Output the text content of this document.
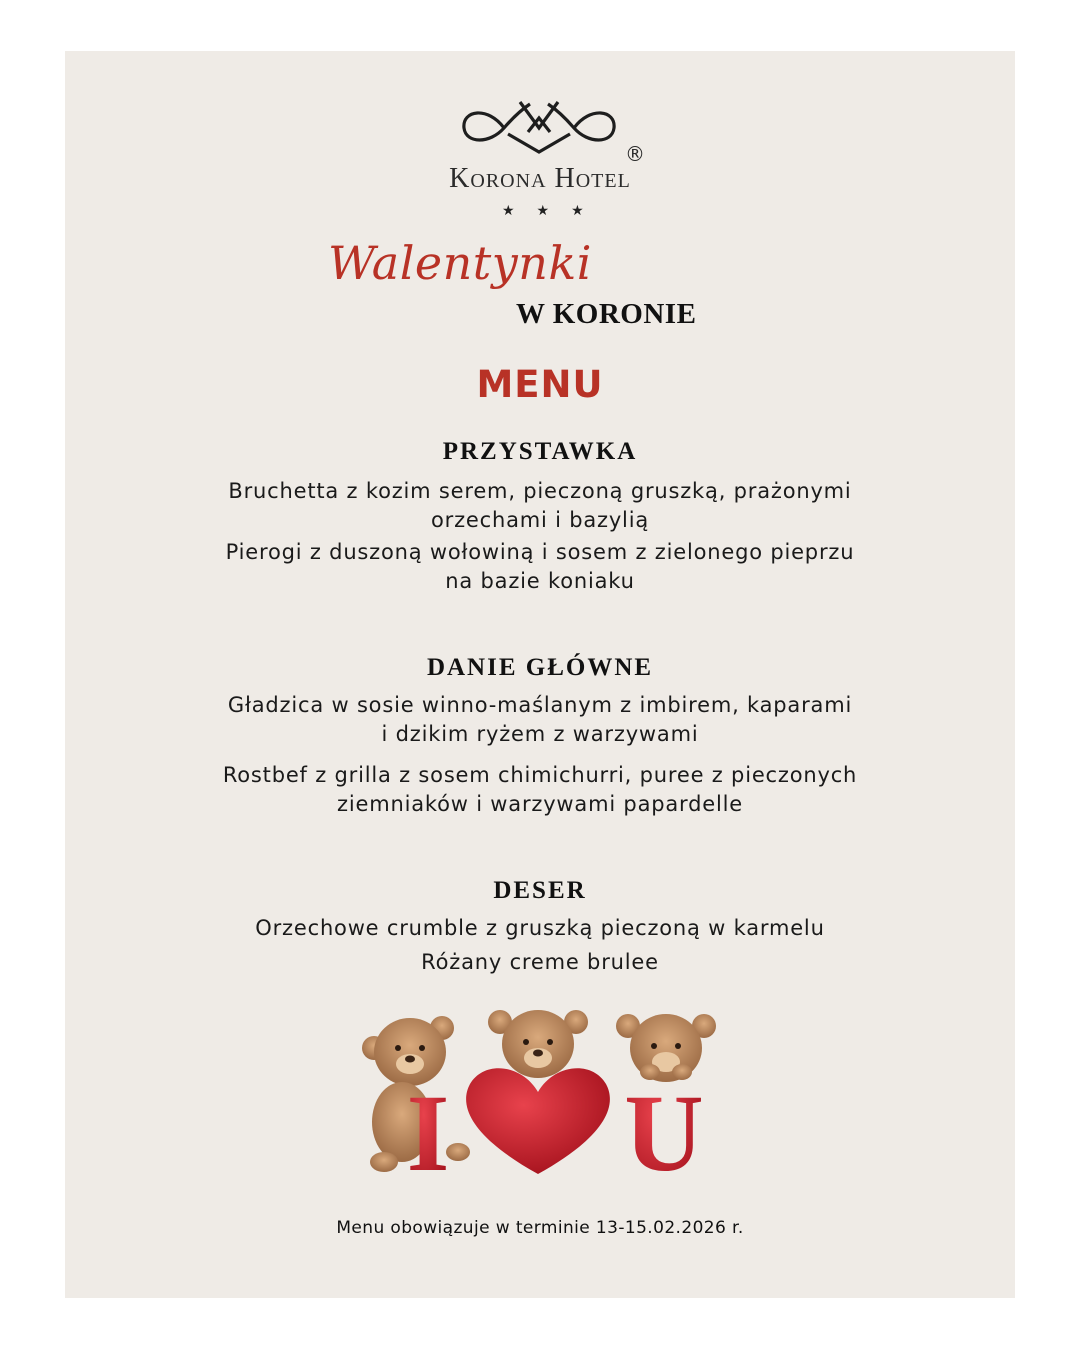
®
Korona Hotel
★★★
Walentynki
W KORONIE
MENU
PRZYSTAWKA
Bruchetta z kozim serem, pieczoną gruszką, prażonymi
orzechami i bazylią
Pierogi z duszoną wołowiną i sosem z zielonego pieprzu
na bazie koniaku
DANIE GŁÓWNE
Gładzica w sosie winno-maślanym z imbirem, kaparami
i dzikim ryżem z warzywami
Rostbef z grilla z sosem chimichurri, puree z pieczonych
ziemniaków i warzywami papardelle
DESER
Orzechowe crumble z gruszką pieczoną w karmelu
Różany creme brulee
I U
Menu obowiązuje w terminie 13-15.02.2026 r.
